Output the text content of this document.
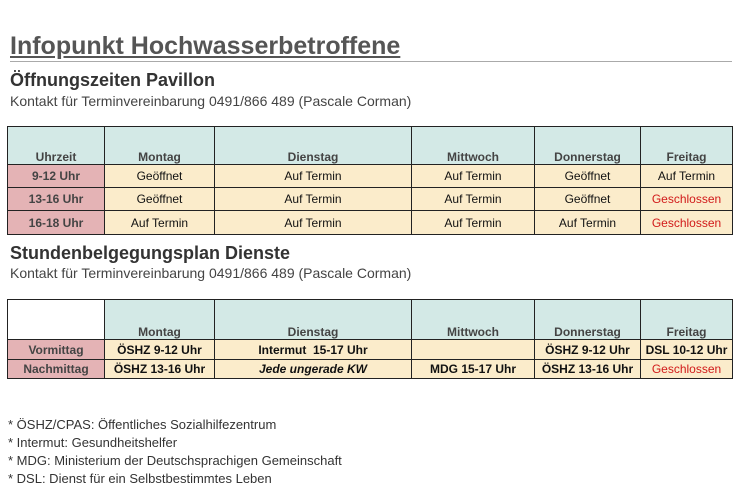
Infopunkt Hochwasserbetroffene
Öffnungszeiten Pavillon
Kontakt für Terminvereinbarung 0491/866 489 (Pascale Corman)
Uhrzeit	Montag	Dienstag	Mittwoch	Donnerstag	Freitag
9-12 Uhr	Geöffnet	Auf Termin	Auf Termin	Geöffnet	Auf Termin
13-16 Uhr	Geöffnet	Auf Termin	Auf Termin	Geöffnet	Geschlossen
16-18 Uhr	Auf Termin	Auf Termin	Auf Termin	Auf Termin	Geschlossen
Stundenbelgegungsplan Dienste
Kontakt für Terminvereinbarung 0491/866 489 (Pascale Corman)
	Montag	Dienstag	Mittwoch	Donnerstag	Freitag
Vormittag	ÖSHZ 9-12 Uhr	Intermut  15-17 Uhr		ÖSHZ 9-12 Uhr	DSL 10-12 Uhr
Nachmittag	ÖSHZ 13-16 Uhr	Jede ungerade KW	MDG 15-17 Uhr	ÖSHZ 13-16 Uhr	Geschlossen
* ÖSHZ/CPAS: Öffentliches Sozialhilfezentrum
* Intermut: Gesundheitshelfer
* MDG: Ministerium der Deutschsprachigen Gemeinschaft
* DSL: Dienst für ein Selbstbestimmtes Leben
